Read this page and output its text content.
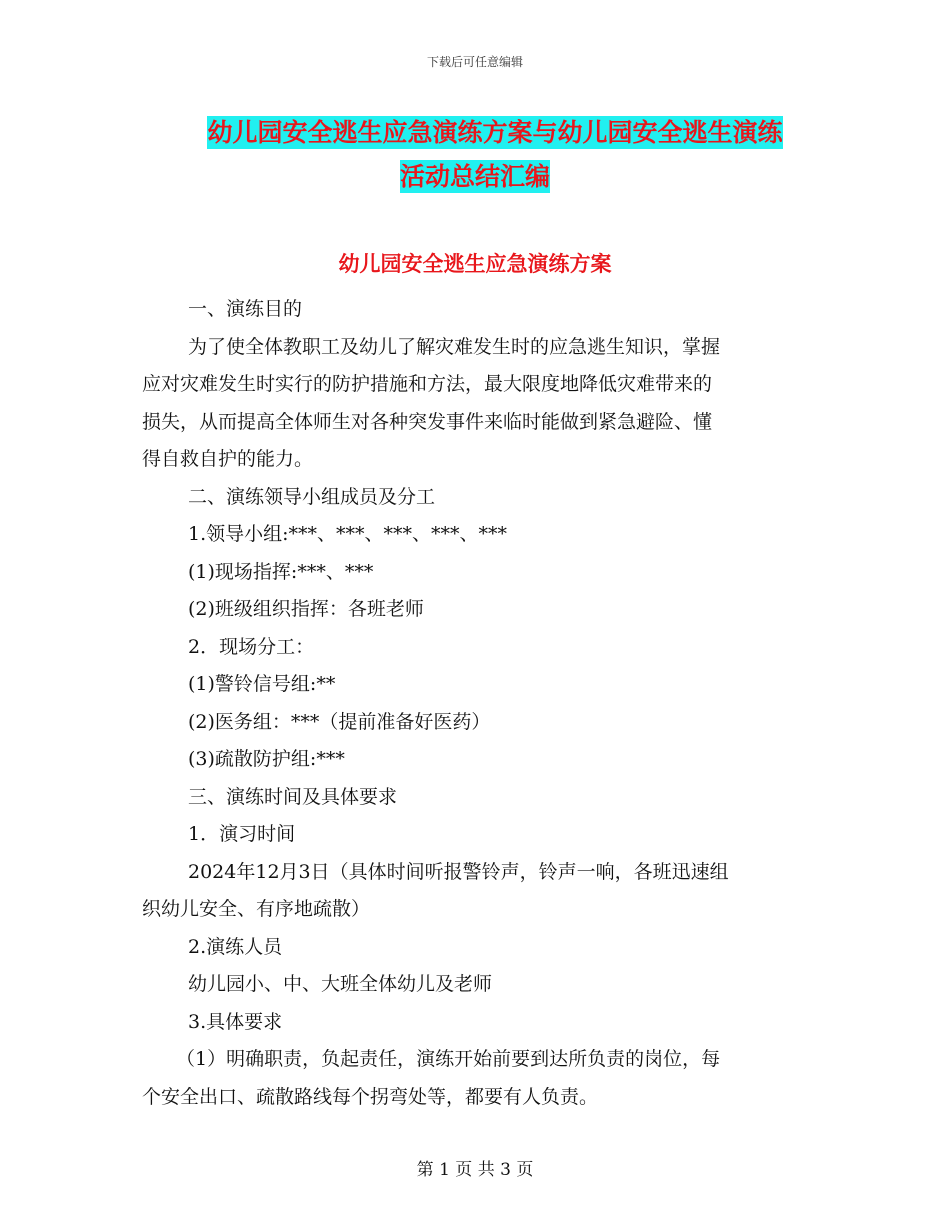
下载后可任意编辑
幼儿园安全逃生应急演练方案与幼儿园安全逃生演练
活动总结汇编
幼儿园安全逃生应急演练方案
一、演练目的
为了使全体教职工及幼儿了解灾难发生时的应急逃生知识，掌握
应对灾难发生时实行的防护措施和方法，最大限度地降低灾难带来的
损失，从而提高全体师生对各种突发事件来临时能做到紧急避险、懂
得自救自护的能力。
二、演练领导小组成员及分工
1.领导小组:***、***、***、***、***
(1)现场指挥:***、***
(2)班级组织指挥：各班老师
2．现场分工：
(1)警铃信号组:**
(2)医务组：***（提前准备好医药）
(3)疏散防护组:***
三、演练时间及具体要求
1．演习时间
2024年12月3日（具体时间听报警铃声，铃声一响，各班迅速组
织幼儿安全、有序地疏散）
2.演练人员
幼儿园小、中、大班全体幼儿及老师
3.具体要求
（1）明确职责，负起责任，演练开始前要到达所负责的岗位，每
个安全出口、疏散路线每个拐弯处等，都要有人负责。
第 1 页 共 3 页
